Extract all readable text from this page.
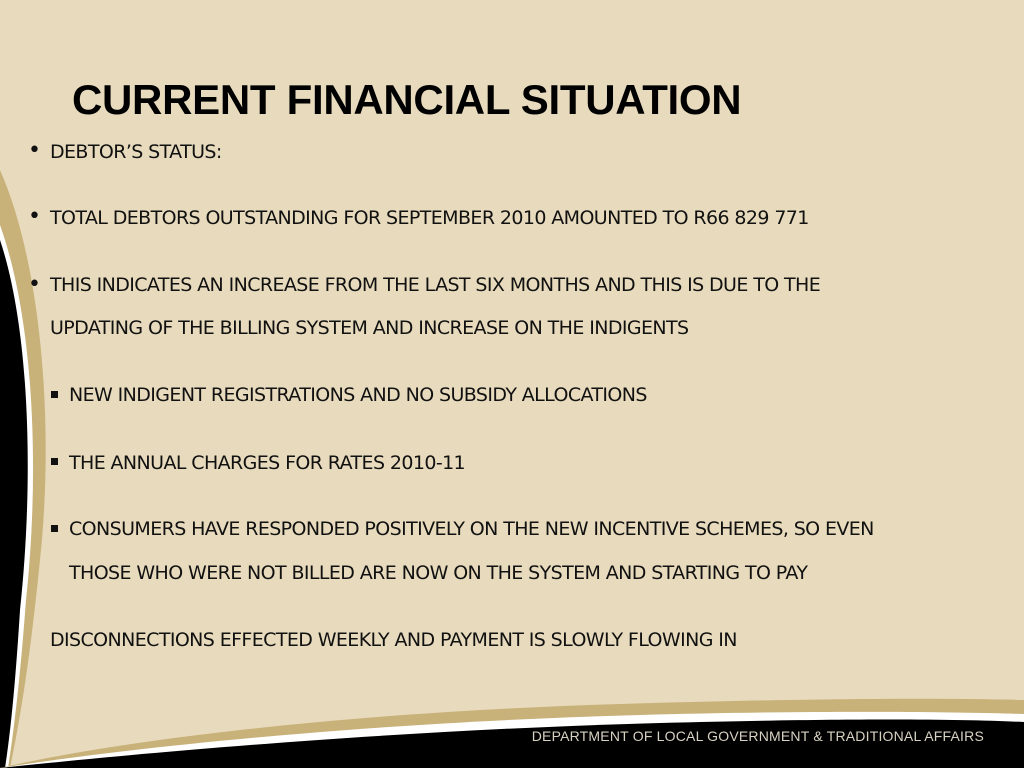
CURRENT FINANCIAL SITUATION
• DEBTOR’S STATUS:
• TOTAL DEBTORS OUTSTANDING FOR SEPTEMBER 2010 AMOUNTED TO R66 829 771
• THIS INDICATES AN INCREASE FROM THE LAST SIX MONTHS AND THIS IS DUE TO THE
UPDATING OF THE BILLING SYSTEM AND INCREASE ON THE INDIGENTS
NEW INDIGENT REGISTRATIONS AND NO SUBSIDY ALLOCATIONS
THE ANNUAL CHARGES FOR RATES 2010-11
CONSUMERS HAVE RESPONDED POSITIVELY ON THE NEW INCENTIVE SCHEMES, SO EVEN
THOSE WHO WERE NOT BILLED ARE NOW ON THE SYSTEM AND STARTING TO PAY
DISCONNECTIONS EFFECTED WEEKLY AND PAYMENT IS SLOWLY FLOWING IN
DEPARTMENT OF LOCAL GOVERNMENT & TRADITIONAL AFFAIRS
